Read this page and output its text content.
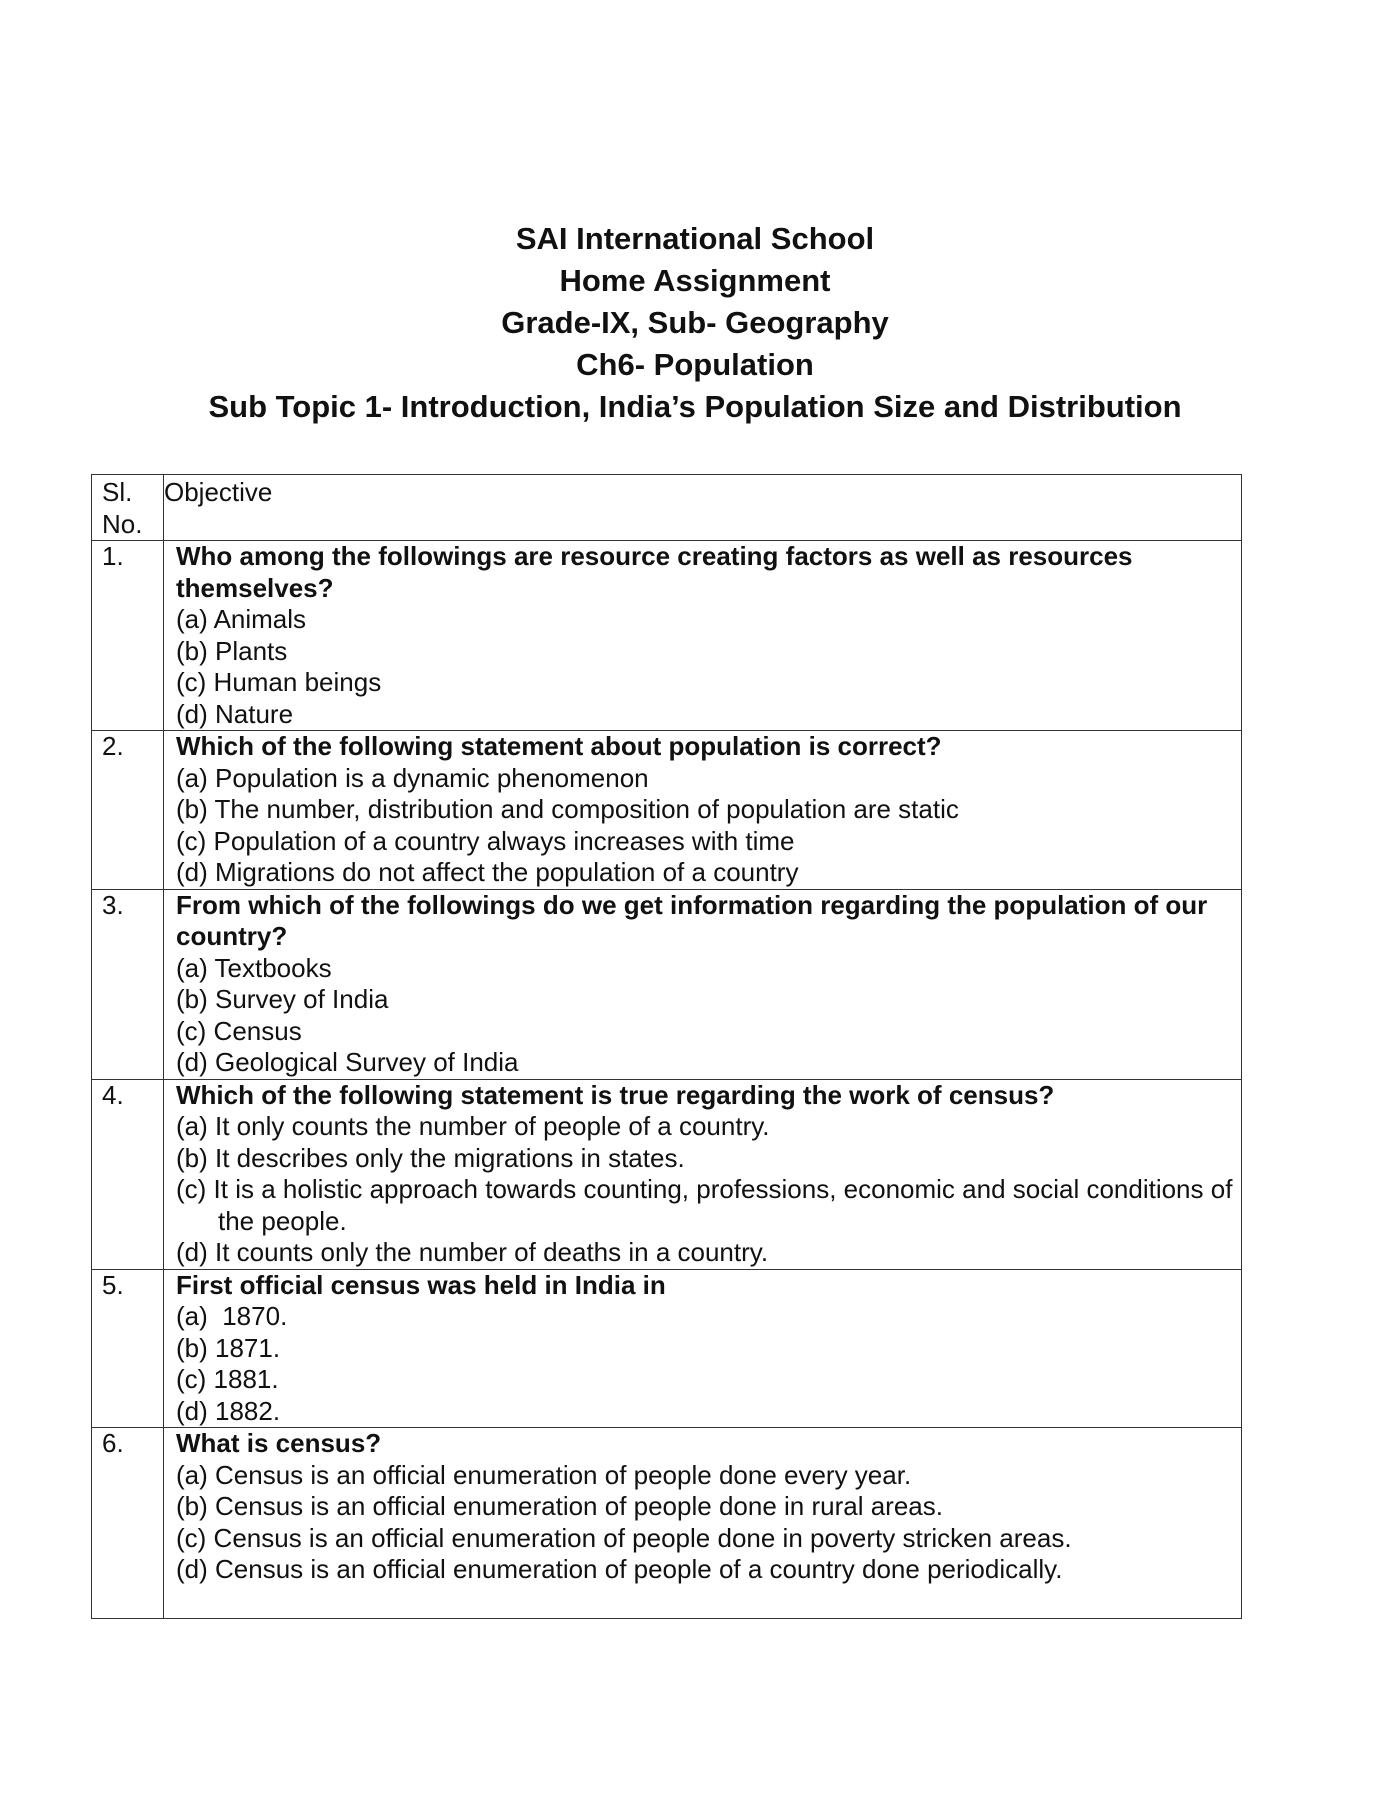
SAI International School
Home Assignment
Grade-IX, Sub- Geography
Ch6- Population
Sub Topic 1- Introduction, India’s Population Size and Distribution
Sl.
No.	Objective
1.	Who among the followings are resource creating factors as well as resources themselves?
(a) Animals
(b) Plants
(c) Human beings
(d) Nature

2.	Which of the following statement about population is correct?
(a) Population is a dynamic phenomenon
(b) The number, distribution and composition of population are static
(c) Population of a country always increases with time
(d) Migrations do not affect the population of a country

3.	From which of the followings do we get information regarding the population of our country?
(a) Textbooks
(b) Survey of India
(c) Census
(d) Geological Survey of India

4.	Which of the following statement is true regarding the work of census?
(a) It only counts the number of people of a country.
(b) It describes only the migrations in states.
(c) It is a holistic approach towards counting, professions, economic and social conditions of the people.
(d) It counts only the number of deaths in a country.

5.	First official census was held in India in
(a)  1870.
(b) 1871.
(c) 1881.
(d) 1882.

6.	What is census?
(a) Census is an official enumeration of people done every year.
(b) Census is an official enumeration of people done in rural areas.
(c) Census is an official enumeration of people done in poverty stricken areas.
(d) Census is an official enumeration of people of a country done periodically.
